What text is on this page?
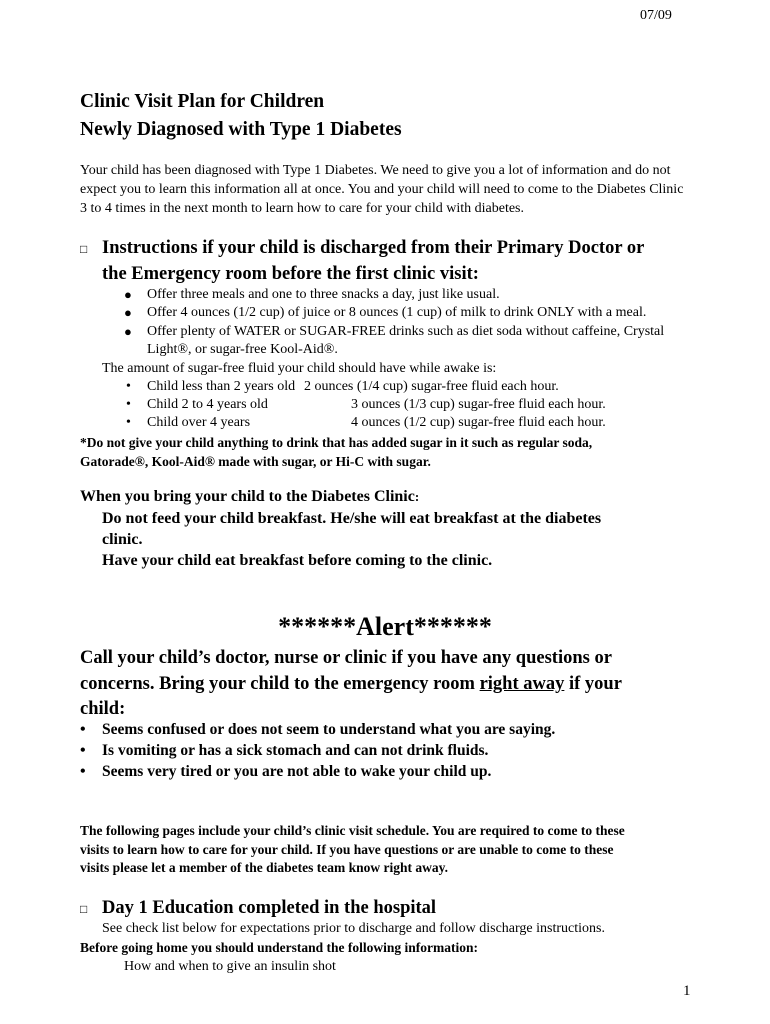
07/09
Clinic Visit Plan for Children
Newly Diagnosed with Type 1 Diabetes
Your child has been diagnosed with Type 1 Diabetes. We need to give you a lot of information and do not
expect you to learn this information all at once. You and your child will need to come to the Diabetes Clinic
3 to 4 times in the next month to learn how to care for your child with diabetes.
□ Instructions if your child is discharged from their Primary Doctor or
the Emergency room before the first clinic visit:
● Offer three meals and one to three snacks a day, just like usual.
● Offer 4 ounces (1/2 cup) of juice or 8 ounces (1 cup) of milk to drink ONLY with a meal.
● Offer plenty of WATER or SUGAR-FREE drinks such as diet soda without caffeine, Crystal
Light®, or sugar-free Kool-Aid®.
The amount of sugar-free fluid your child should have while awake is:
• Child less than 2 years old 2 ounces (1/4 cup) sugar-free fluid each hour.
• Child 2 to 4 years old	3 ounces (1/3 cup) sugar-free fluid each hour.
• Child over 4 years	4 ounces (1/2 cup) sugar-free fluid each hour.
*Do not give your child anything to drink that has added sugar in it such as regular soda,
Gatorade®, Kool-Aid® made with sugar, or Hi-C with sugar.
When you bring your child to the Diabetes Clinic:
Do not feed your child breakfast. He/she will eat breakfast at the diabetes
clinic.
Have your child eat breakfast before coming to the clinic.
******Alert******
Call your child’s doctor, nurse or clinic if you have any questions or
concerns. Bring your child to the emergency room right away if your
child:
• Seems confused or does not seem to understand what you are saying.
• Is vomiting or has a sick stomach and can not drink fluids.
• Seems very tired or you are not able to wake your child up.
The following pages include your child’s clinic visit schedule. You are required to come to these
visits to learn how to care for your child. If you have questions or are unable to come to these
visits please let a member of the diabetes team know right away.
□ Day 1 Education completed in the hospital
See check list below for expectations prior to discharge and follow discharge instructions.
Before going home you should understand the following information:
How and when to give an insulin shot
1
